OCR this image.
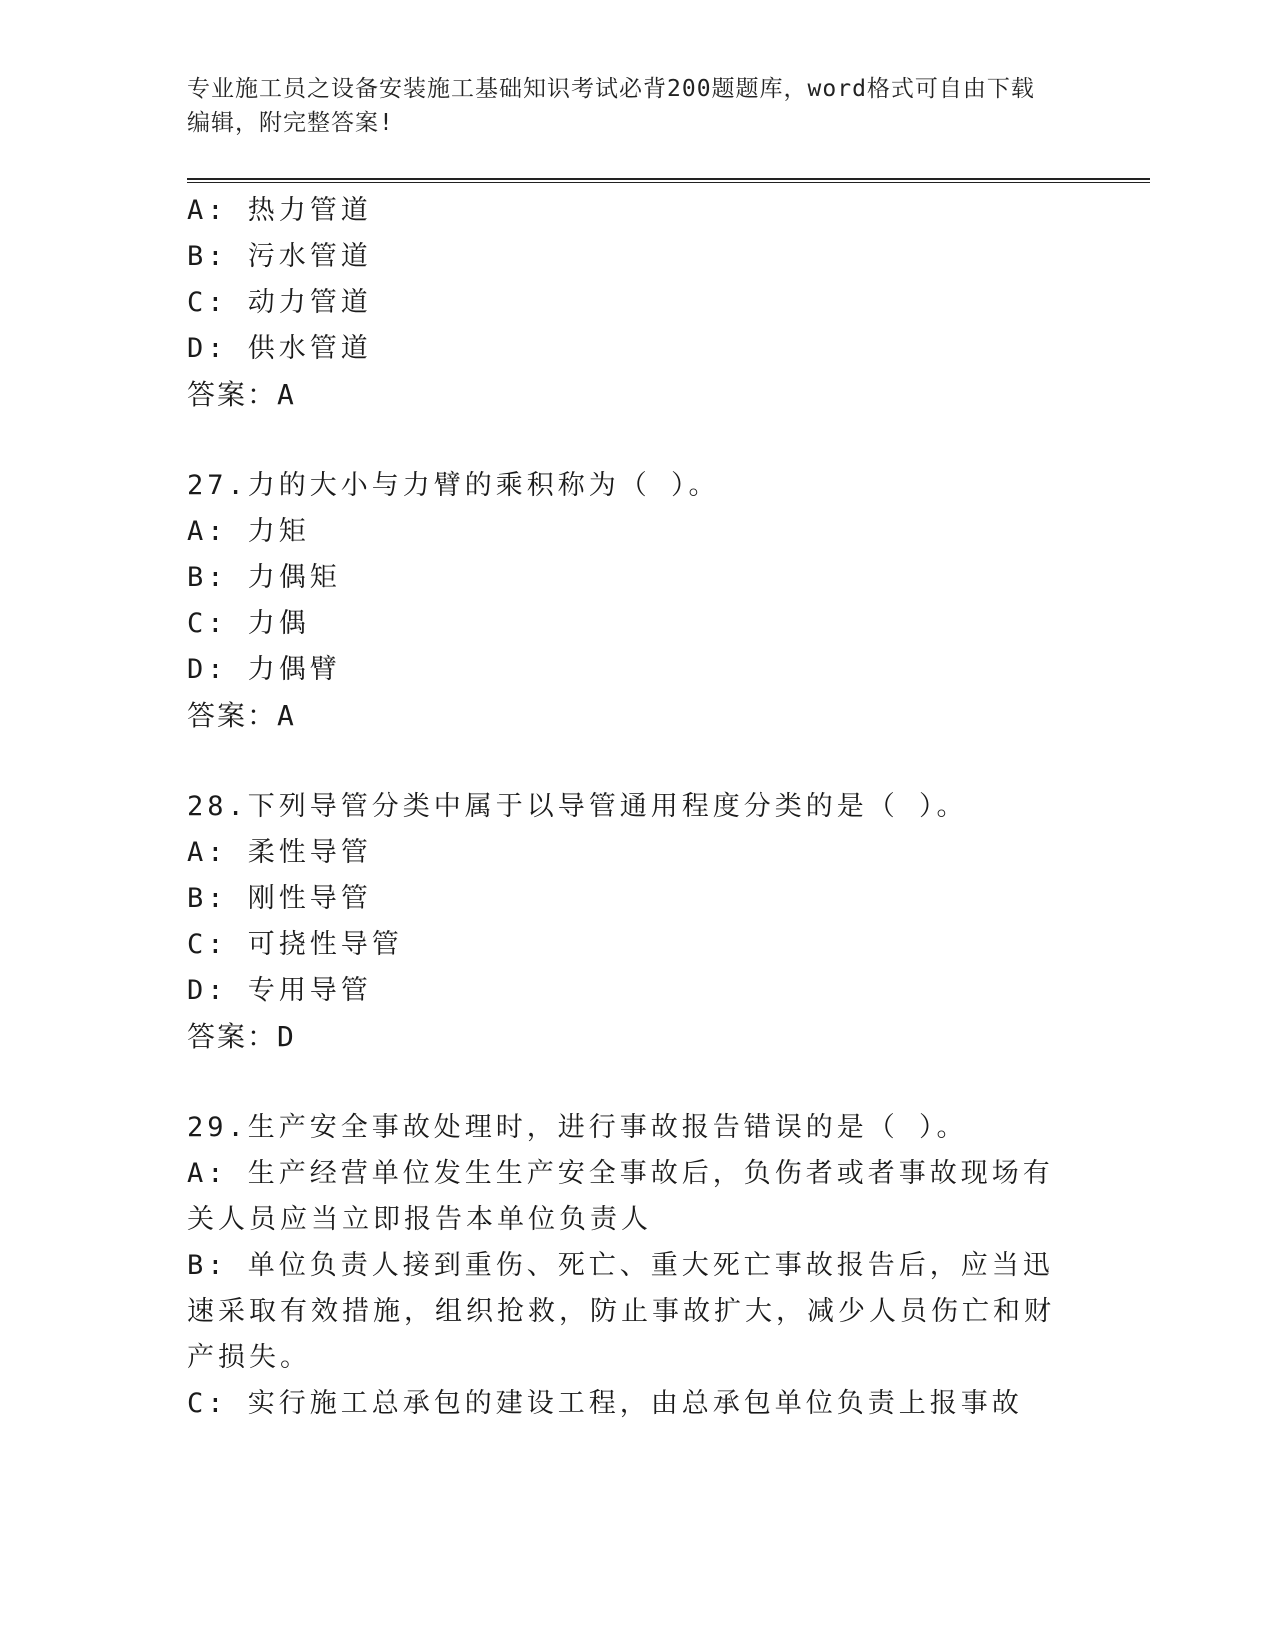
专业施工员之设备安装施工基础知识考试必背200题题库，word格式可自由下载
编辑，附完整答案!
A: 热力管道
B: 污水管道
C: 动力管道
D: 供水管道
答案：A
27.力的大小与力臂的乘积称为（ ）。
A: 力矩
B: 力偶矩
C: 力偶
D: 力偶臂
答案：A
28.下列导管分类中属于以导管通用程度分类的是（ ）。
A: 柔性导管
B: 刚性导管
C: 可挠性导管
D: 专用导管
答案：D
29.生产安全事故处理时，进行事故报告错误的是（ ）。
A: 生产经营单位发生生产安全事故后，负伤者或者事故现场有关人员应当立即报告本单位负责人
B: 单位负责人接到重伤、死亡、重大死亡事故报告后，应当迅速采取有效措施，组织抢救，防止事故扩大，减少人员伤亡和财产损失。
C: 实行施工总承包的建设工程，由总承包单位负责上报事故
